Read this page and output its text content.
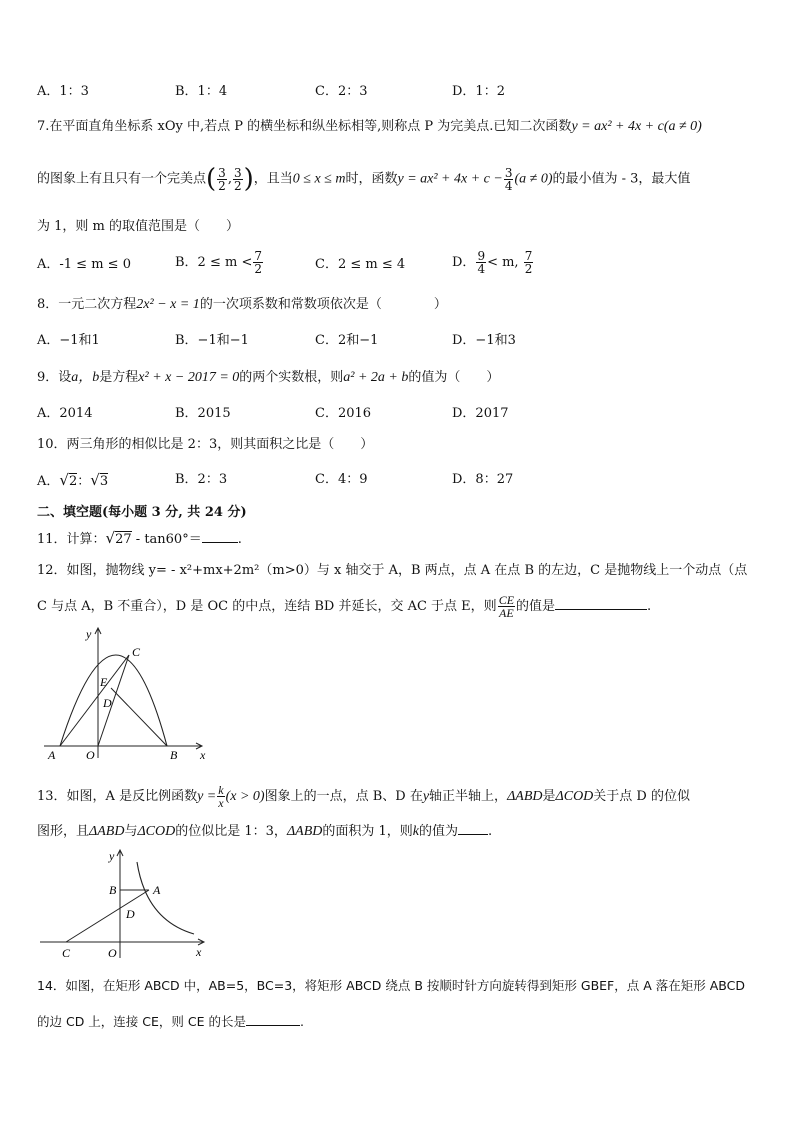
A．1：3	B．1：4	C．2：3	D．1：2
7.在平面直角坐标系 xOy 中,若点 P 的横坐标和纵坐标相等,则称点 P 为完美点.已知二次函数y = ax² + 4x + c(a ≠ 0)
的图象上有且只有一个完美点( $\frac{3}{2}$ , $\frac{3}{2}$ )，且当0 ≤ x ≤ m时，函数$y = ax^2 + 4x + c - \frac{3}{4} (a \ne 0)$的最小值为 - 3，最大值
为 1，则 m 的取值范围是（　　）
A．-1 ≤ m ≤ 0	B．$2 \le m < \frac{7}{2}$	C．2 ≤ m ≤ 4	D． $\frac{9}{4} < m$, $\frac{7}{2}$
8．一元二次方程2x² − x = 1的一次项系数和常数项依次是（　　　　）
A．−1和1	B．−1和−1	C．2和−1	D．−1和3
9．设a，b是方程x² + x − 2017 = 0的两个实数根，则a² + 2a + b的值为（　　）
A．2014	B．2015	C．2016	D．2017
10．两三角形的相似比是 2：3，则其面积之比是（　　）
A．√2：√3	B．2：3	C．4：9	D．8：27
二、填空题(每小题 3 分, 共 24 分)
11．计算：√27 - tan60°＝	.
12．如图，抛物线 y= - x²+mx+2m²（m>0）与 x 轴交于 A，B 两点，点 A 在点 B 的左边，C 是抛物线上一个动点（点
C 与点 A，B 不重合），D 是 OC 的中点，连结 BD 并延长，交 AC 于点 E，则 $\frac{CE}{AE}$ 的值是	.
y
x
A	O	B
C
E
D
13．如图，A 是反比例函数$y = \frac{k}{x} (x > 0)$图象上的一点，点 B、D 在y轴正半轴上，ΔABD是ΔCOD关于点 D 的位似
图形，且ΔABD与ΔCOD的位似比是 1：3，ΔABD的面积为 1，则k的值为 .
y
x
B	A
D
C	O
14．如图，在矩形 ABCD 中，AB=5，BC=3，将矩形 ABCD 绕点 B 按顺时针方向旋转得到矩形 GBEF，点 A 落在矩形 ABCD
的边 CD 上，连接 CE，则 CE 的长是	.
